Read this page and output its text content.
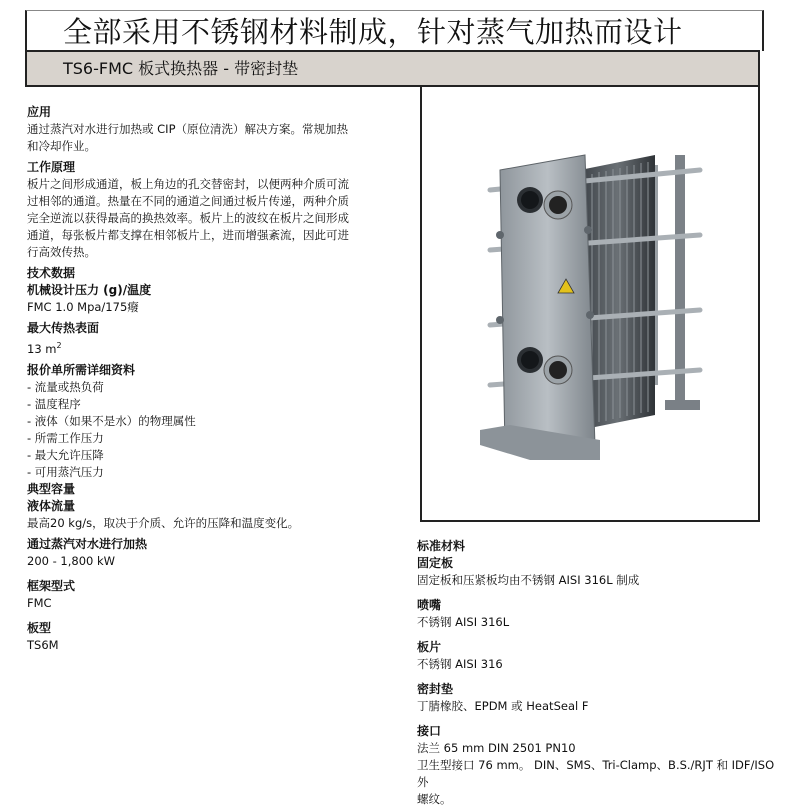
全部采用不锈钢材料制成，针对蒸气加热而设计
TS6-FMC 板式换热器 - 带密封垫
应用
通过蒸汽对水进行加热或 CIP（原位清洗）解决方案。常规加热
和冷却作业。
工作原理
板片之间形成通道，板上角边的孔交替密封，以便两种介质可流
过相邻的通道。热量在不同的通道之间通过板片传递，两种介质
完全逆流以获得最高的换热效率。板片上的波纹在板片之间形成
通道，每张板片都支撑在相邻板片上，进而增强紊流，因此可进
行高效传热。
技术数据
机械设计压力 (g)/温度
FMC 1.0 Mpa/175癈
最大传热表面
13 $m^2$
报价单所需详细资料
- 流量或热负荷
- 温度程序
- 液体（如果不是水）的物理属性
- 所需工作压力
- 最大允许压降
- 可用蒸汽压力
典型容量
液体流量
最高20 kg/s，取决于介质、允许的压降和温度变化。
通过蒸汽对水进行加热
200 - 1,800 kW
框架型式
FMC
板型
TS6M
标准材料
固定板
固定板和压紧板均由不锈钢 AISI 316L 制成
喷嘴
不锈钢 AISI 316L
板片
不锈钢 AISI 316
密封垫
丁腈橡胶、EPDM 或 HeatSeal F
接口
法兰 65 mm DIN 2501 PN10
卫生型接口 76 mm。 DIN、SMS、Tri-Clamp、B.S./RJT 和 IDF/ISO 外
螺纹。
